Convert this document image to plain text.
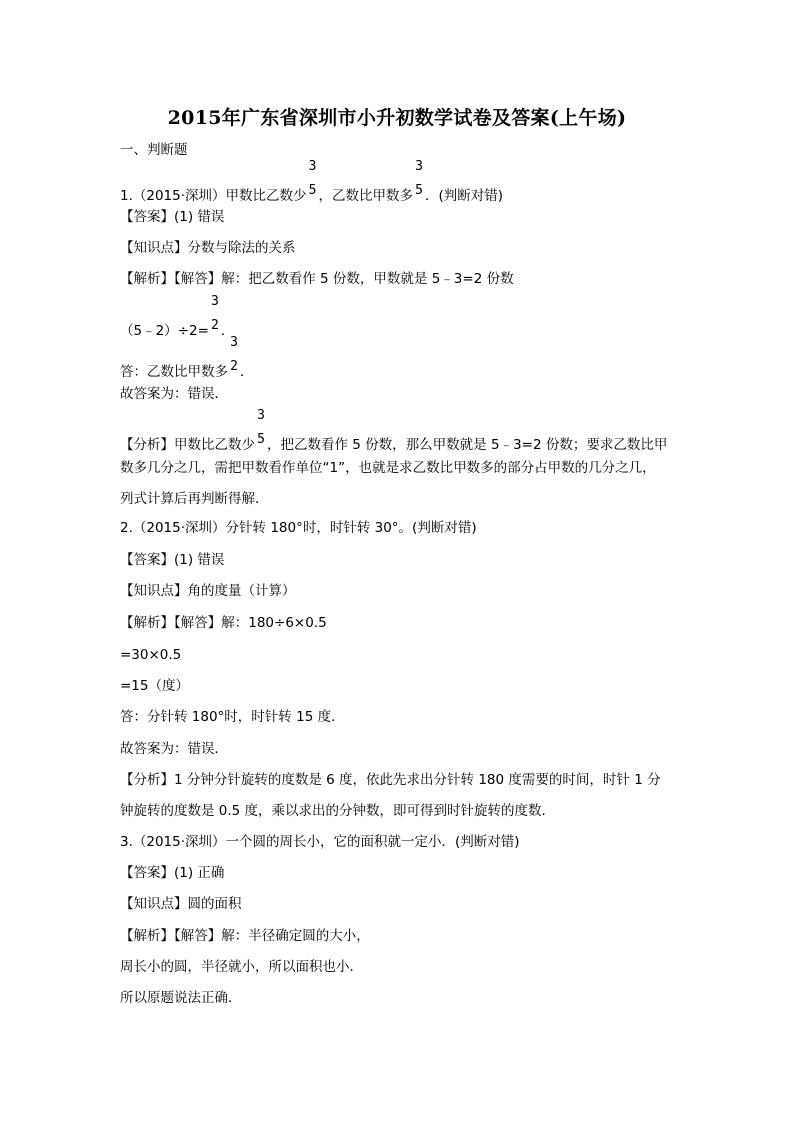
2015年广东省深圳市小升初数学试卷及答案(上午场)
一、判断题
1.（2015·深圳）甲数比乙数少
3
5 ，乙数比甲数多
3
5 ．(判断对错)
【答案】(1) 错误
【知识点】分数与除法的关系
【解析】【解答】解：把乙数看作 5 份数，甲数就是 5﹣3=2 份数
（5﹣2）÷2=
3
2 ．
答：乙数比甲数多
3
2 ．
故答案为：错误．
【分析】甲数比乙数少
3
5 ，把乙数看作 5 份数，那么甲数就是 5﹣3=2 份数；要求乙数比甲
数多几分之几，需把甲数看作单位“1”，也就是求乙数比甲数多的部分占甲数的几分之几，
列式计算后再判断得解．
2.（2015·深圳）分针转 180°时，时针转 30°。(判断对错)
【答案】(1) 错误
【知识点】角的度量（计算）
【解析】【解答】解：180÷6×0.5
=30×0.5
=15（度）
答：分针转 180°时，时针转 15 度．
故答案为：错误．
【分析】1 分钟分针旋转的度数是 6 度，依此先求出分针转 180 度需要的时间，时针 1 分
钟旋转的度数是 0.5 度，乘以求出的分钟数，即可得到时针旋转的度数．
3.（2015·深圳）一个圆的周长小，它的面积就一定小．(判断对错)
【答案】(1) 正确
【知识点】圆的面积
【解析】【解答】解：半径确定圆的大小，
周长小的圆，半径就小，所以面积也小．
所以原题说法正确．
